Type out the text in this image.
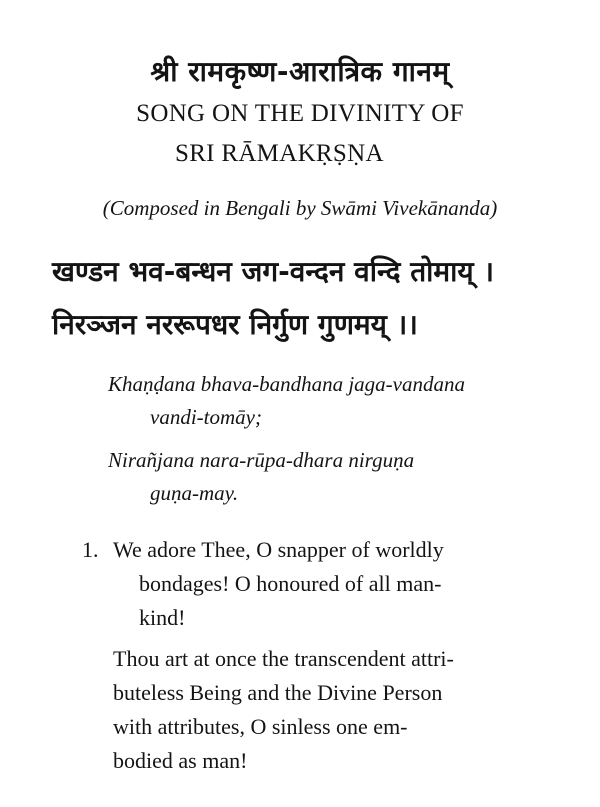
श्री रामकृष्ण-आरात्रिक गानम्
SONG ON THE DIVINITY OF
SRI RĀMAKṚṢṆA
(Composed in Bengali by Swāmi Vivekānanda)
खण्डन भव-बन्धन जग-वन्दन वन्दि तोमाय् ।
निरञ्जन नररूपधर निर्गुण गुणमय् ।।
Khaṇḍana bhava-bandhana jaga-vandana
vandi-tomāy;
Nirañjana nara-rūpa-dhara nirguṇa
guṇa-may.
1. We adore Thee, O snapper of worldly
bondages! O honoured of all man-
kind!
Thou art at once the transcendent attri-
buteless Being and the Divine Person
with attributes, O sinless one em-
bodied as man!
